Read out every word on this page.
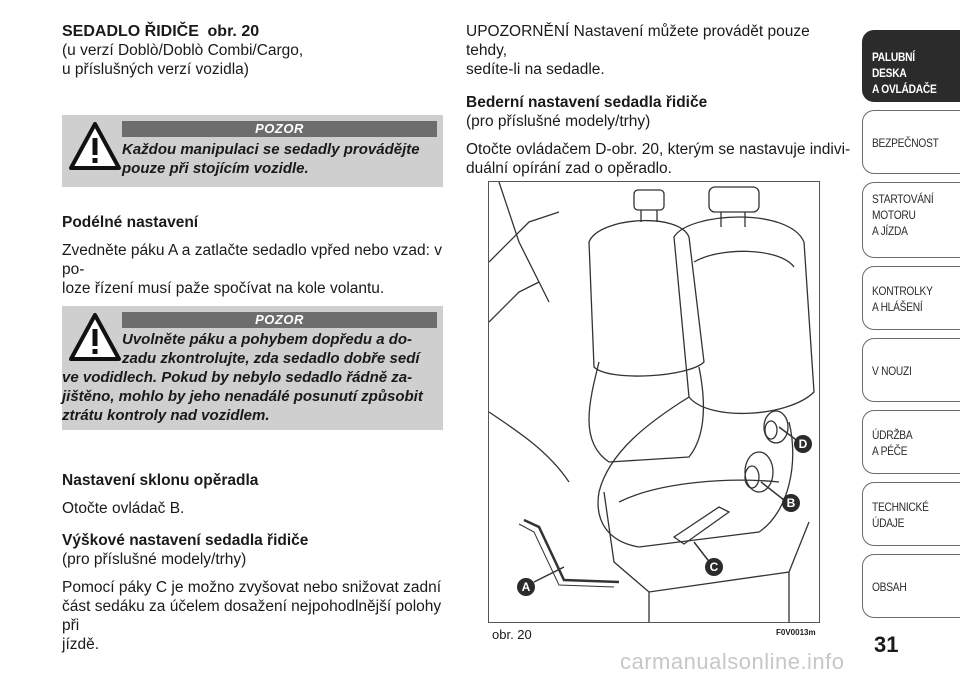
SEDADLO ŘIDIČE obr. 20

(u verzí Doblò/Doblò Combi/Cargo,

u příslušných verzí vozidla)

POZOR
Každou manipulaci se sedadly provádějte
pouze při stojícím vozidle.

Podélné nastavení

Zvedněte páku A a zatlačte sedadlo vpřed nebo vzad: v po-

loze řízení musí paže spočívat na kole volantu.

POZOR
Uvolněte páku a pohybem dopředu a do-
zadu zkontrolujte, zda sedadlo dobře sedí
ve vodidlech. Pokud by nebylo sedadlo řádně za-
jištěno, mohlo by jeho nenadálé posunutí způsobit
ztrátu kontroly nad vozidlem.

Nastavení sklonu opěradla

Otočte ovládač B.

Výškové nastavení sedadla řidiče

(pro příslušné modely/trhy)

Pomocí páky C je možno zvyšovat nebo snižovat zadní

část sedáku za účelem dosažení nejpohodlnější polohy při

jízdě.

UPOZORNĚNÍ Nastavení můžete provádět pouze tehdy,

sedíte-li na sedadle.

Bederní nastavení sedadla řidiče

(pro příslušné modely/trhy)

Otočte ovládačem D-obr. 20, kterým se nastavuje indivi-

duální opírání zad o opěradlo.

A
B
C
D
obr. 20	F0V0013m
PALUBNÍ DESKA
A OVLÁDAČE
BEZPEČNOST
STARTOVÁNÍ
MOTORU
A JÍZDA
KONTROLKY
A HLÁŠENÍ
V NOUZI
ÚDRŽBA
A PÉČE
TECHNICKÉ
ÚDAJE
OBSAH
31
carmanualsonline.info
